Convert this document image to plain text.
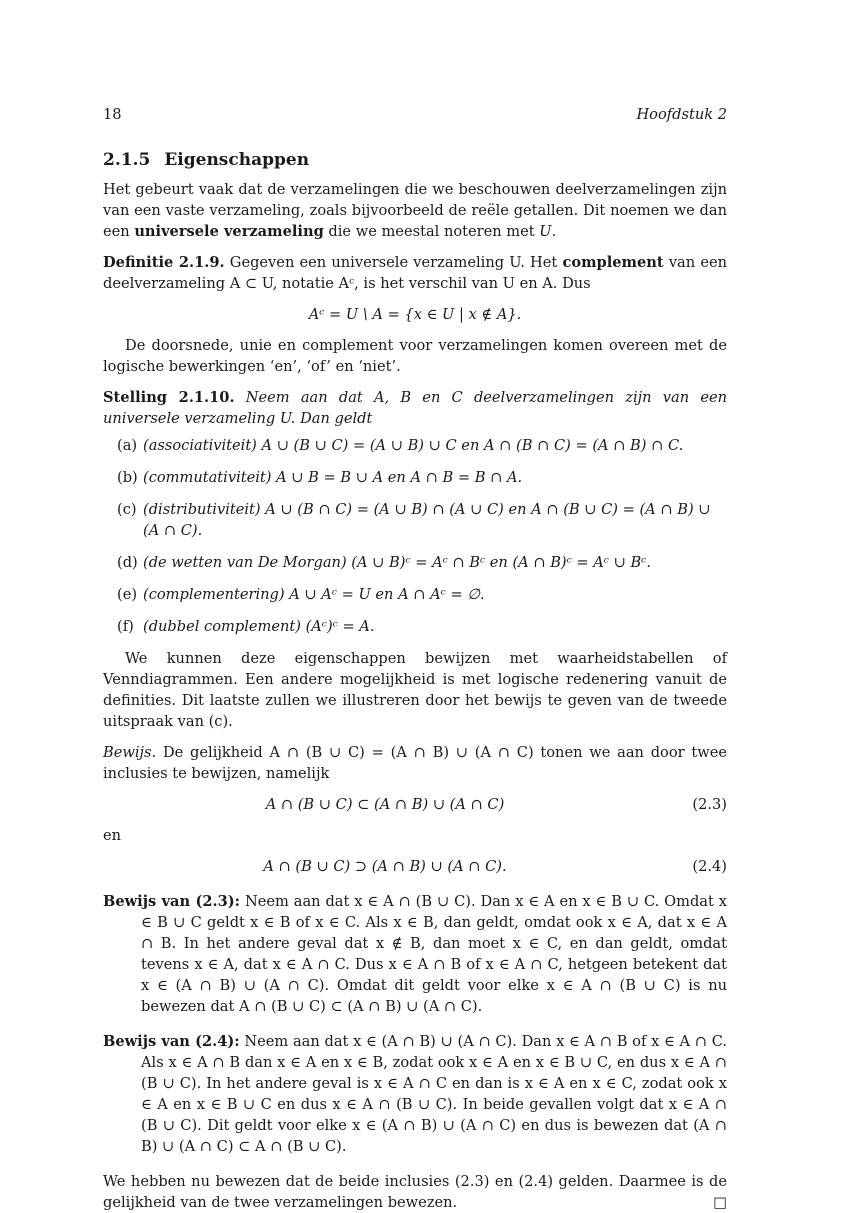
18	Hoofdstuk 2
2.1.5 Eigenschappen

Het gebeurt vaak dat de verzamelingen die we beschouwen deelverzamelingen zijn van een vaste verzameling, zoals bijvoorbeeld de reële getallen. Dit noemen we dan een universele verzameling die we meestal noteren met U.

Definitie 2.1.9. Gegeven een universele verzameling U. Het complement van een deelverzameling A ⊂ U, notatie Aᶜ, is het verschil van U en A. Dus

Aᶜ = U \ A = {x ∈ U | x ∉ A}.

De doorsnede, unie en complement voor verzamelingen komen overeen met de logische bewerkingen ‘en’, ‘of’ en ‘niet’.

Stelling 2.1.10. Neem aan dat A, B en C deelverzamelingen zijn van een universele verzameling U. Dan geldt

(a) (associativiteit) A ∪ (B ∪ C) = (A ∪ B) ∪ C en A ∩ (B ∩ C) = (A ∩ B) ∩ C.
(b) (commutativiteit) A ∪ B = B ∪ A en A ∩ B = B ∩ A.
(c) (distributiviteit) A ∪ (B ∩ C) = (A ∪ B) ∩ (A ∪ C) en A ∩ (B ∪ C) = (A ∩ B) ∪ (A ∩ C).
(d) (de wetten van De Morgan) (A ∪ B)ᶜ = Aᶜ ∩ Bᶜ en (A ∩ B)ᶜ = Aᶜ ∪ Bᶜ.
(e) (complementering) A ∪ Aᶜ = U en A ∩ Aᶜ = ∅.
(f) (dubbel complement) (Aᶜ)ᶜ = A.

We kunnen deze eigenschappen bewijzen met waarheidstabellen of Venndiagrammen. Een andere mogelijkheid is met logische redenering vanuit de definities. Dit laatste zullen we illustreren door het bewijs te geven van de tweede uitspraak van (c).

Bewijs. De gelijkheid A ∩ (B ∪ C) = (A ∩ B) ∪ (A ∩ C) tonen we aan door twee inclusies te bewijzen, namelijk

A ∩ (B ∪ C) ⊂ (A ∩ B) ∪ (A ∩ C)	(2.3)

en

A ∩ (B ∪ C) ⊃ (A ∩ B) ∪ (A ∩ C).	(2.4)

Bewijs van (2.3): Neem aan dat x ∈ A ∩ (B ∪ C). Dan x ∈ A en x ∈ B ∪ C. Omdat x ∈ B ∪ C geldt x ∈ B of x ∈ C. Als x ∈ B, dan geldt, omdat ook x ∈ A, dat x ∈ A ∩ B. In het andere geval dat x ∉ B, dan moet x ∈ C, en dan geldt, omdat tevens x ∈ A, dat x ∈ A ∩ C. Dus x ∈ A ∩ B of x ∈ A ∩ C, hetgeen betekent dat x ∈ (A ∩ B) ∪ (A ∩ C). Omdat dit geldt voor elke x ∈ A ∩ (B ∪ C) is nu bewezen dat A ∩ (B ∪ C) ⊂ (A ∩ B) ∪ (A ∩ C).

Bewijs van (2.4): Neem aan dat x ∈ (A ∩ B) ∪ (A ∩ C). Dan x ∈ A ∩ B of x ∈ A ∩ C. Als x ∈ A ∩ B dan x ∈ A en x ∈ B, zodat ook x ∈ A en x ∈ B ∪ C, en dus x ∈ A ∩ (B ∪ C). In het andere geval is x ∈ A ∩ C en dan is x ∈ A en x ∈ C, zodat ook x ∈ A en x ∈ B ∪ C en dus x ∈ A ∩ (B ∪ C). In beide gevallen volgt dat x ∈ A ∩ (B ∪ C). Dit geldt voor elke x ∈ (A ∩ B) ∪ (A ∩ C) en dus is bewezen dat (A ∩ B) ∪ (A ∩ C) ⊂ A ∩ (B ∪ C).

We hebben nu bewezen dat de beide inclusies (2.3) en (2.4) gelden. Daarmee is de gelijkheid van de twee verzamelingen bewezen.	□
